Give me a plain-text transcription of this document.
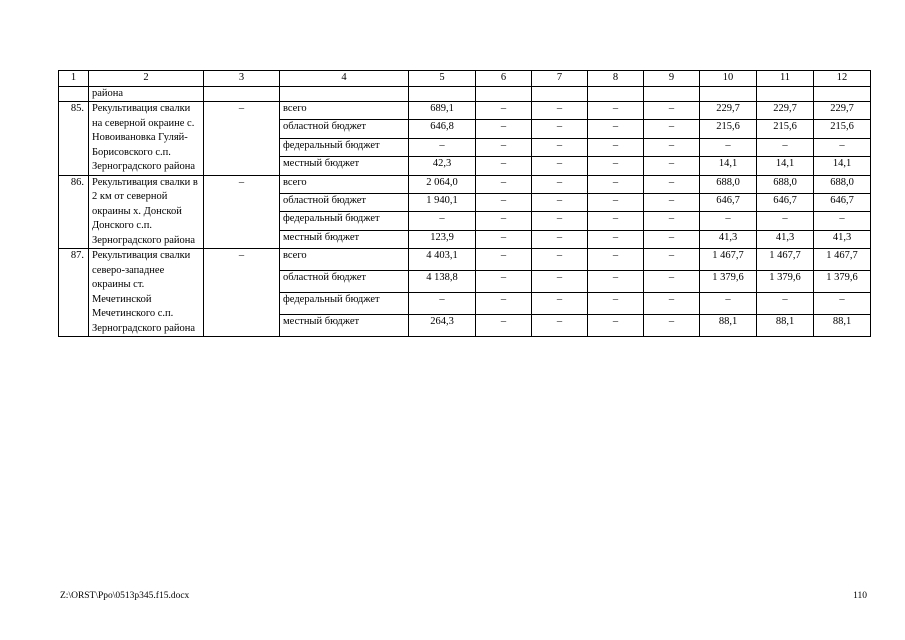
1	2	3	4	5	6	7	8	9	10	11	12
	района										
85.	Рекультивация свалки на северной окраине с. Новоивановка Гуляй-Борисовского с.п. Зерноградского района	–	всего	689,1	–	–	–	–	229,7	229,7	229,7
			областной бюджет	646,8	–	–	–	–	215,6	215,6	215,6
			федеральный бюджет	–	–	–	–	–	–	–	–
			местный бюджет	42,3	–	–	–	–	14,1	14,1	14,1
86.	Рекультивация свалки в 2 км от северной окраины х. Донской Донского с.п. Зерноградского района	–	всего	2 064,0	–	–	–	–	688,0	688,0	688,0
			областной бюджет	1 940,1	–	–	–	–	646,7	646,7	646,7
			федеральный бюджет	–	–	–	–	–	–	–	–
			местный бюджет	123,9	–	–	–	–	41,3	41,3	41,3
87.	Рекультивация свалки северо-западнее окраины ст. Мечетинской Мечетинского с.п. Зерноградского района	–	всего	4 403,1	–	–	–	–	1 467,7	1 467,7	1 467,7
			областной бюджет	4 138,8	–	–	–	–	1 379,6	1 379,6	1 379,6
			федеральный бюджет	–	–	–	–	–	–	–	–
			местный бюджет	264,3	–	–	–	–	88,1	88,1	88,1
Z:\ORST\Ppo\0513p345.f15.docx	110
